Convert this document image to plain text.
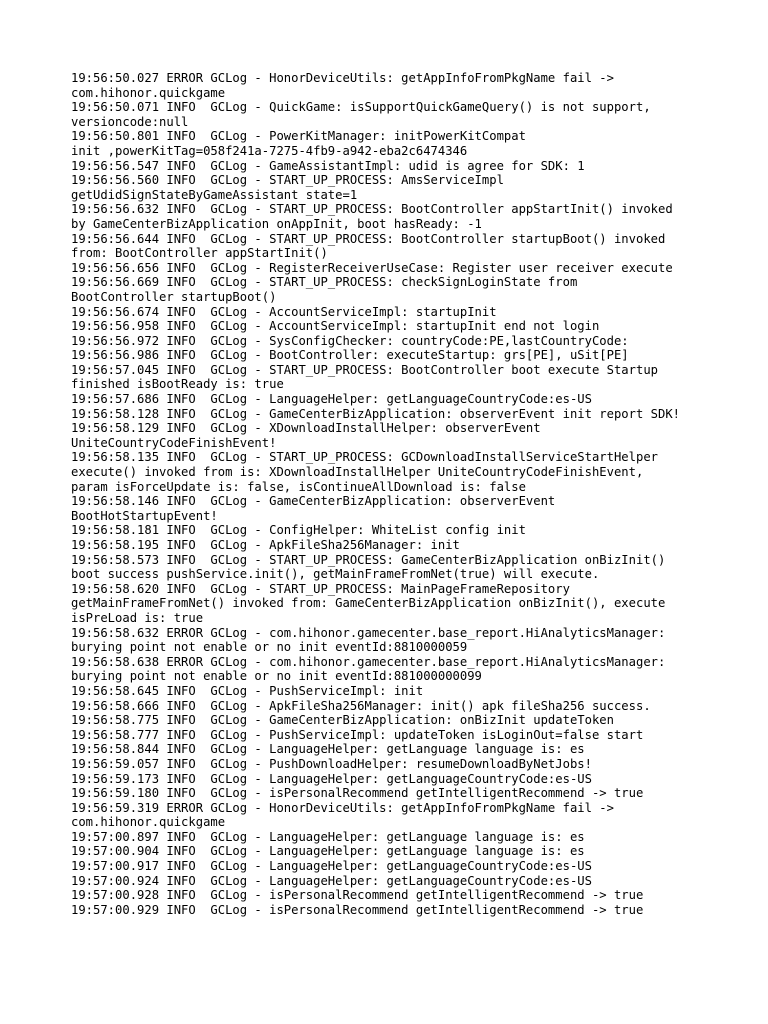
19:56:50.027 ERROR GCLog - HonorDeviceUtils: getAppInfoFromPkgName fail ->
com.hihonor.quickgame
19:56:50.071 INFO  GCLog - QuickGame: isSupportQuickGameQuery() is not support,
versioncode:null
19:56:50.801 INFO  GCLog - PowerKitManager: initPowerKitCompat
init ,powerKitTag=058f241a-7275-4fb9-a942-eba2c6474346
19:56:56.547 INFO  GCLog - GameAssistantImpl: udid is agree for SDK: 1
19:56:56.560 INFO  GCLog - START_UP_PROCESS: AmsServiceImpl
getUdidSignStateByGameAssistant state=1
19:56:56.632 INFO  GCLog - START_UP_PROCESS: BootController appStartInit() invoked
by GameCenterBizApplication onAppInit, boot hasReady: -1
19:56:56.644 INFO  GCLog - START_UP_PROCESS: BootController startupBoot() invoked
from: BootController appStartInit()
19:56:56.656 INFO  GCLog - RegisterReceiverUseCase: Register user receiver execute
19:56:56.669 INFO  GCLog - START_UP_PROCESS: checkSignLoginState from
BootController startupBoot()
19:56:56.674 INFO  GCLog - AccountServiceImpl: startupInit
19:56:56.958 INFO  GCLog - AccountServiceImpl: startupInit end not login
19:56:56.972 INFO  GCLog - SysConfigChecker: countryCode:PE,lastCountryCode:
19:56:56.986 INFO  GCLog - BootController: executeStartup: grs[PE], uSit[PE]
19:56:57.045 INFO  GCLog - START_UP_PROCESS: BootController boot execute Startup
finished isBootReady is: true
19:56:57.686 INFO  GCLog - LanguageHelper: getLanguageCountryCode:es-US
19:56:58.128 INFO  GCLog - GameCenterBizApplication: observerEvent init report SDK!
19:56:58.129 INFO  GCLog - XDownloadInstallHelper: observerEvent
UniteCountryCodeFinishEvent!
19:56:58.135 INFO  GCLog - START_UP_PROCESS: GCDownloadInstallServiceStartHelper
execute() invoked from is: XDownloadInstallHelper UniteCountryCodeFinishEvent,
param isForceUpdate is: false, isContinueAllDownload is: false
19:56:58.146 INFO  GCLog - GameCenterBizApplication: observerEvent
BootHotStartupEvent!
19:56:58.181 INFO  GCLog - ConfigHelper: WhiteList config init
19:56:58.195 INFO  GCLog - ApkFileSha256Manager: init
19:56:58.573 INFO  GCLog - START_UP_PROCESS: GameCenterBizApplication onBizInit()
boot success pushService.init(), getMainFrameFromNet(true) will execute.
19:56:58.620 INFO  GCLog - START_UP_PROCESS: MainPageFrameRepository
getMainFrameFromNet() invoked from: GameCenterBizApplication onBizInit(), execute
isPreLoad is: true
19:56:58.632 ERROR GCLog - com.hihonor.gamecenter.base_report.HiAnalyticsManager:
burying point not enable or no init eventId:8810000059
19:56:58.638 ERROR GCLog - com.hihonor.gamecenter.base_report.HiAnalyticsManager:
burying point not enable or no init eventId:881000000099
19:56:58.645 INFO  GCLog - PushServiceImpl: init
19:56:58.666 INFO  GCLog - ApkFileSha256Manager: init() apk fileSha256 success.
19:56:58.775 INFO  GCLog - GameCenterBizApplication: onBizInit updateToken
19:56:58.777 INFO  GCLog - PushServiceImpl: updateToken isLoginOut=false start
19:56:58.844 INFO  GCLog - LanguageHelper: getLanguage language is: es
19:56:59.057 INFO  GCLog - PushDownloadHelper: resumeDownloadByNetJobs!
19:56:59.173 INFO  GCLog - LanguageHelper: getLanguageCountryCode:es-US
19:56:59.180 INFO  GCLog - isPersonalRecommend getIntelligentRecommend -> true
19:56:59.319 ERROR GCLog - HonorDeviceUtils: getAppInfoFromPkgName fail ->
com.hihonor.quickgame
19:57:00.897 INFO  GCLog - LanguageHelper: getLanguage language is: es
19:57:00.904 INFO  GCLog - LanguageHelper: getLanguage language is: es
19:57:00.917 INFO  GCLog - LanguageHelper: getLanguageCountryCode:es-US
19:57:00.924 INFO  GCLog - LanguageHelper: getLanguageCountryCode:es-US
19:57:00.928 INFO  GCLog - isPersonalRecommend getIntelligentRecommend -> true
19:57:00.929 INFO  GCLog - isPersonalRecommend getIntelligentRecommend -> true
